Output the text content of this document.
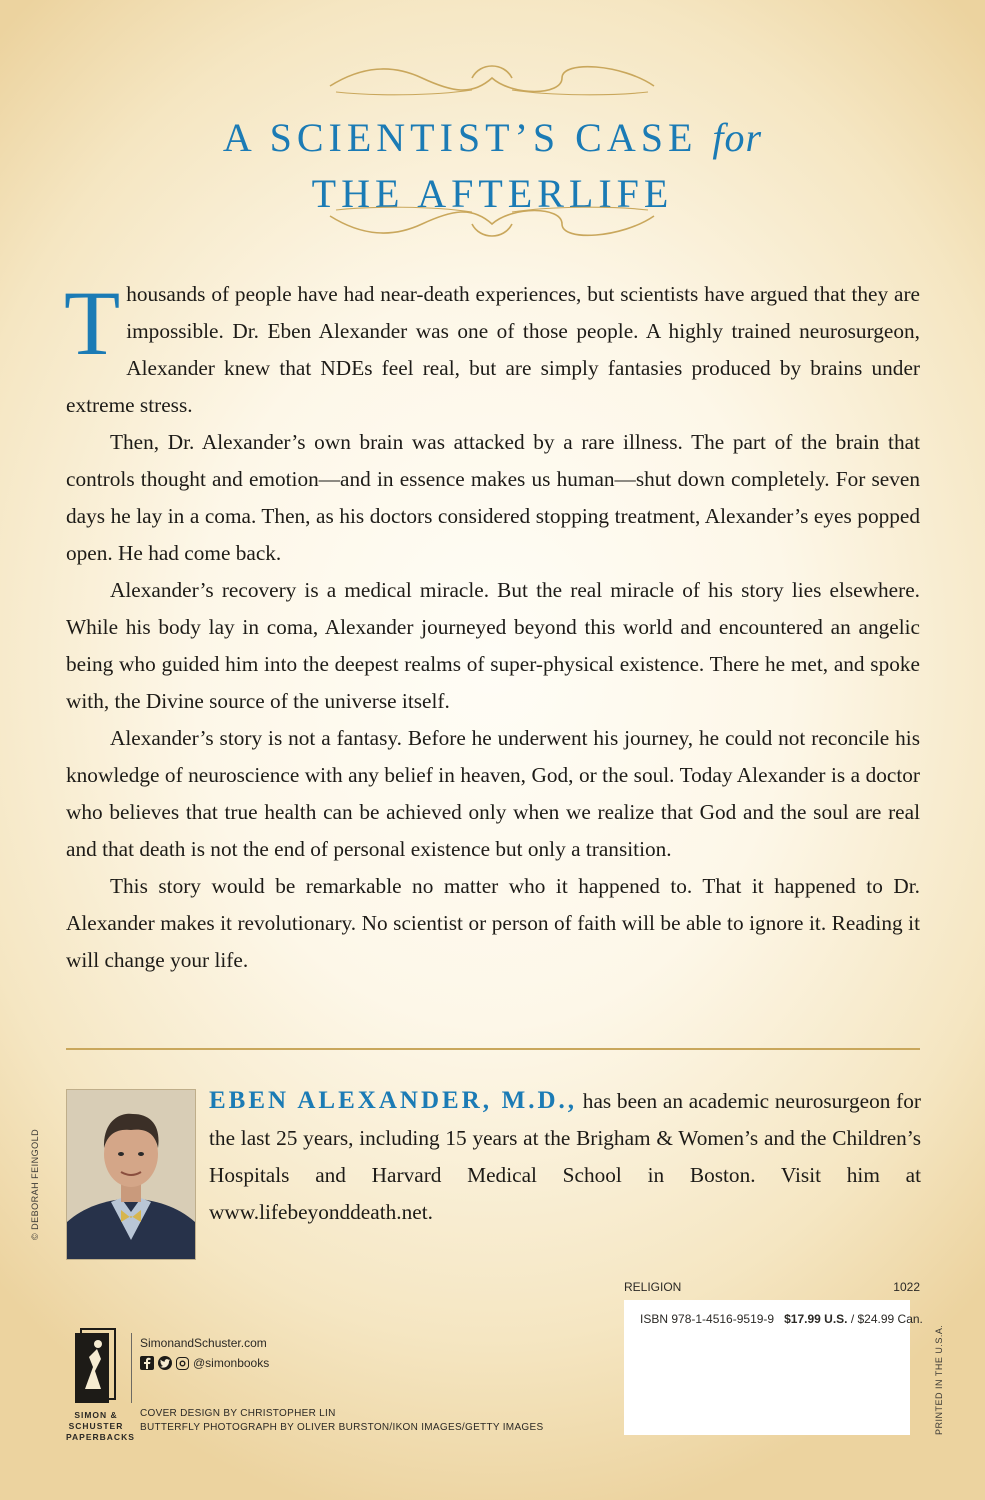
A SCIENTIST’S CASE for
THE AFTERLIFE

Thousands of people have had near-death experiences, but scientists have argued that they are impossible. Dr. Eben Alexander was one of those people. A highly trained neurosurgeon, Alexander knew that NDEs feel real, but are simply fantasies produced by brains under extreme stress.

Then, Dr. Alexander’s own brain was attacked by a rare illness. The part of the brain that controls thought and emotion—and in essence makes us human—shut down completely. For seven days he lay in a coma. Then, as his doctors considered stopping treatment, Alexander’s eyes popped open. He had come back.

Alexander’s recovery is a medical miracle. But the real miracle of his story lies elsewhere. While his body lay in coma, Alexander journeyed beyond this world and encountered an angelic being who guided him into the deepest realms of super-physical existence. There he met, and spoke with, the Divine source of the universe itself.

Alexander’s story is not a fantasy. Before he underwent his journey, he could not reconcile his knowledge of neuroscience with any belief in heaven, God, or the soul. Today Alexander is a doctor who believes that true health can be achieved only when we realize that God and the soul are real and that death is not the end of personal existence but only a transition.

This story would be remarkable no matter who it happened to. That it happened to Dr. Alexander makes it revolutionary. No scientist or person of faith will be able to ignore it. Reading it will change your life.

© DEBORAH FEINGOLD
EBEN ALEXANDER, M.D., has been an academic neurosurgeon for the last 25 years, including 15 years at the Brigham & Women’s and the Children’s Hospitals and Harvard Medical School in Boston. Visit him at www.lifebeyonddeath.net.
RELIGION	1022
ISBN 978-1-4516-9519-9 $17.99 U.S. / $24.99 Can.
PRINTED IN THE U.S.A.
SIMON &
SCHUSTER
PAPERBACKS
SimonandSchuster.com
@simonbooks
COVER DESIGN BY CHRISTOPHER LIN
BUTTERFLY PHOTOGRAPH BY OLIVER BURSTON/IKON IMAGES/GETTY IMAGES
